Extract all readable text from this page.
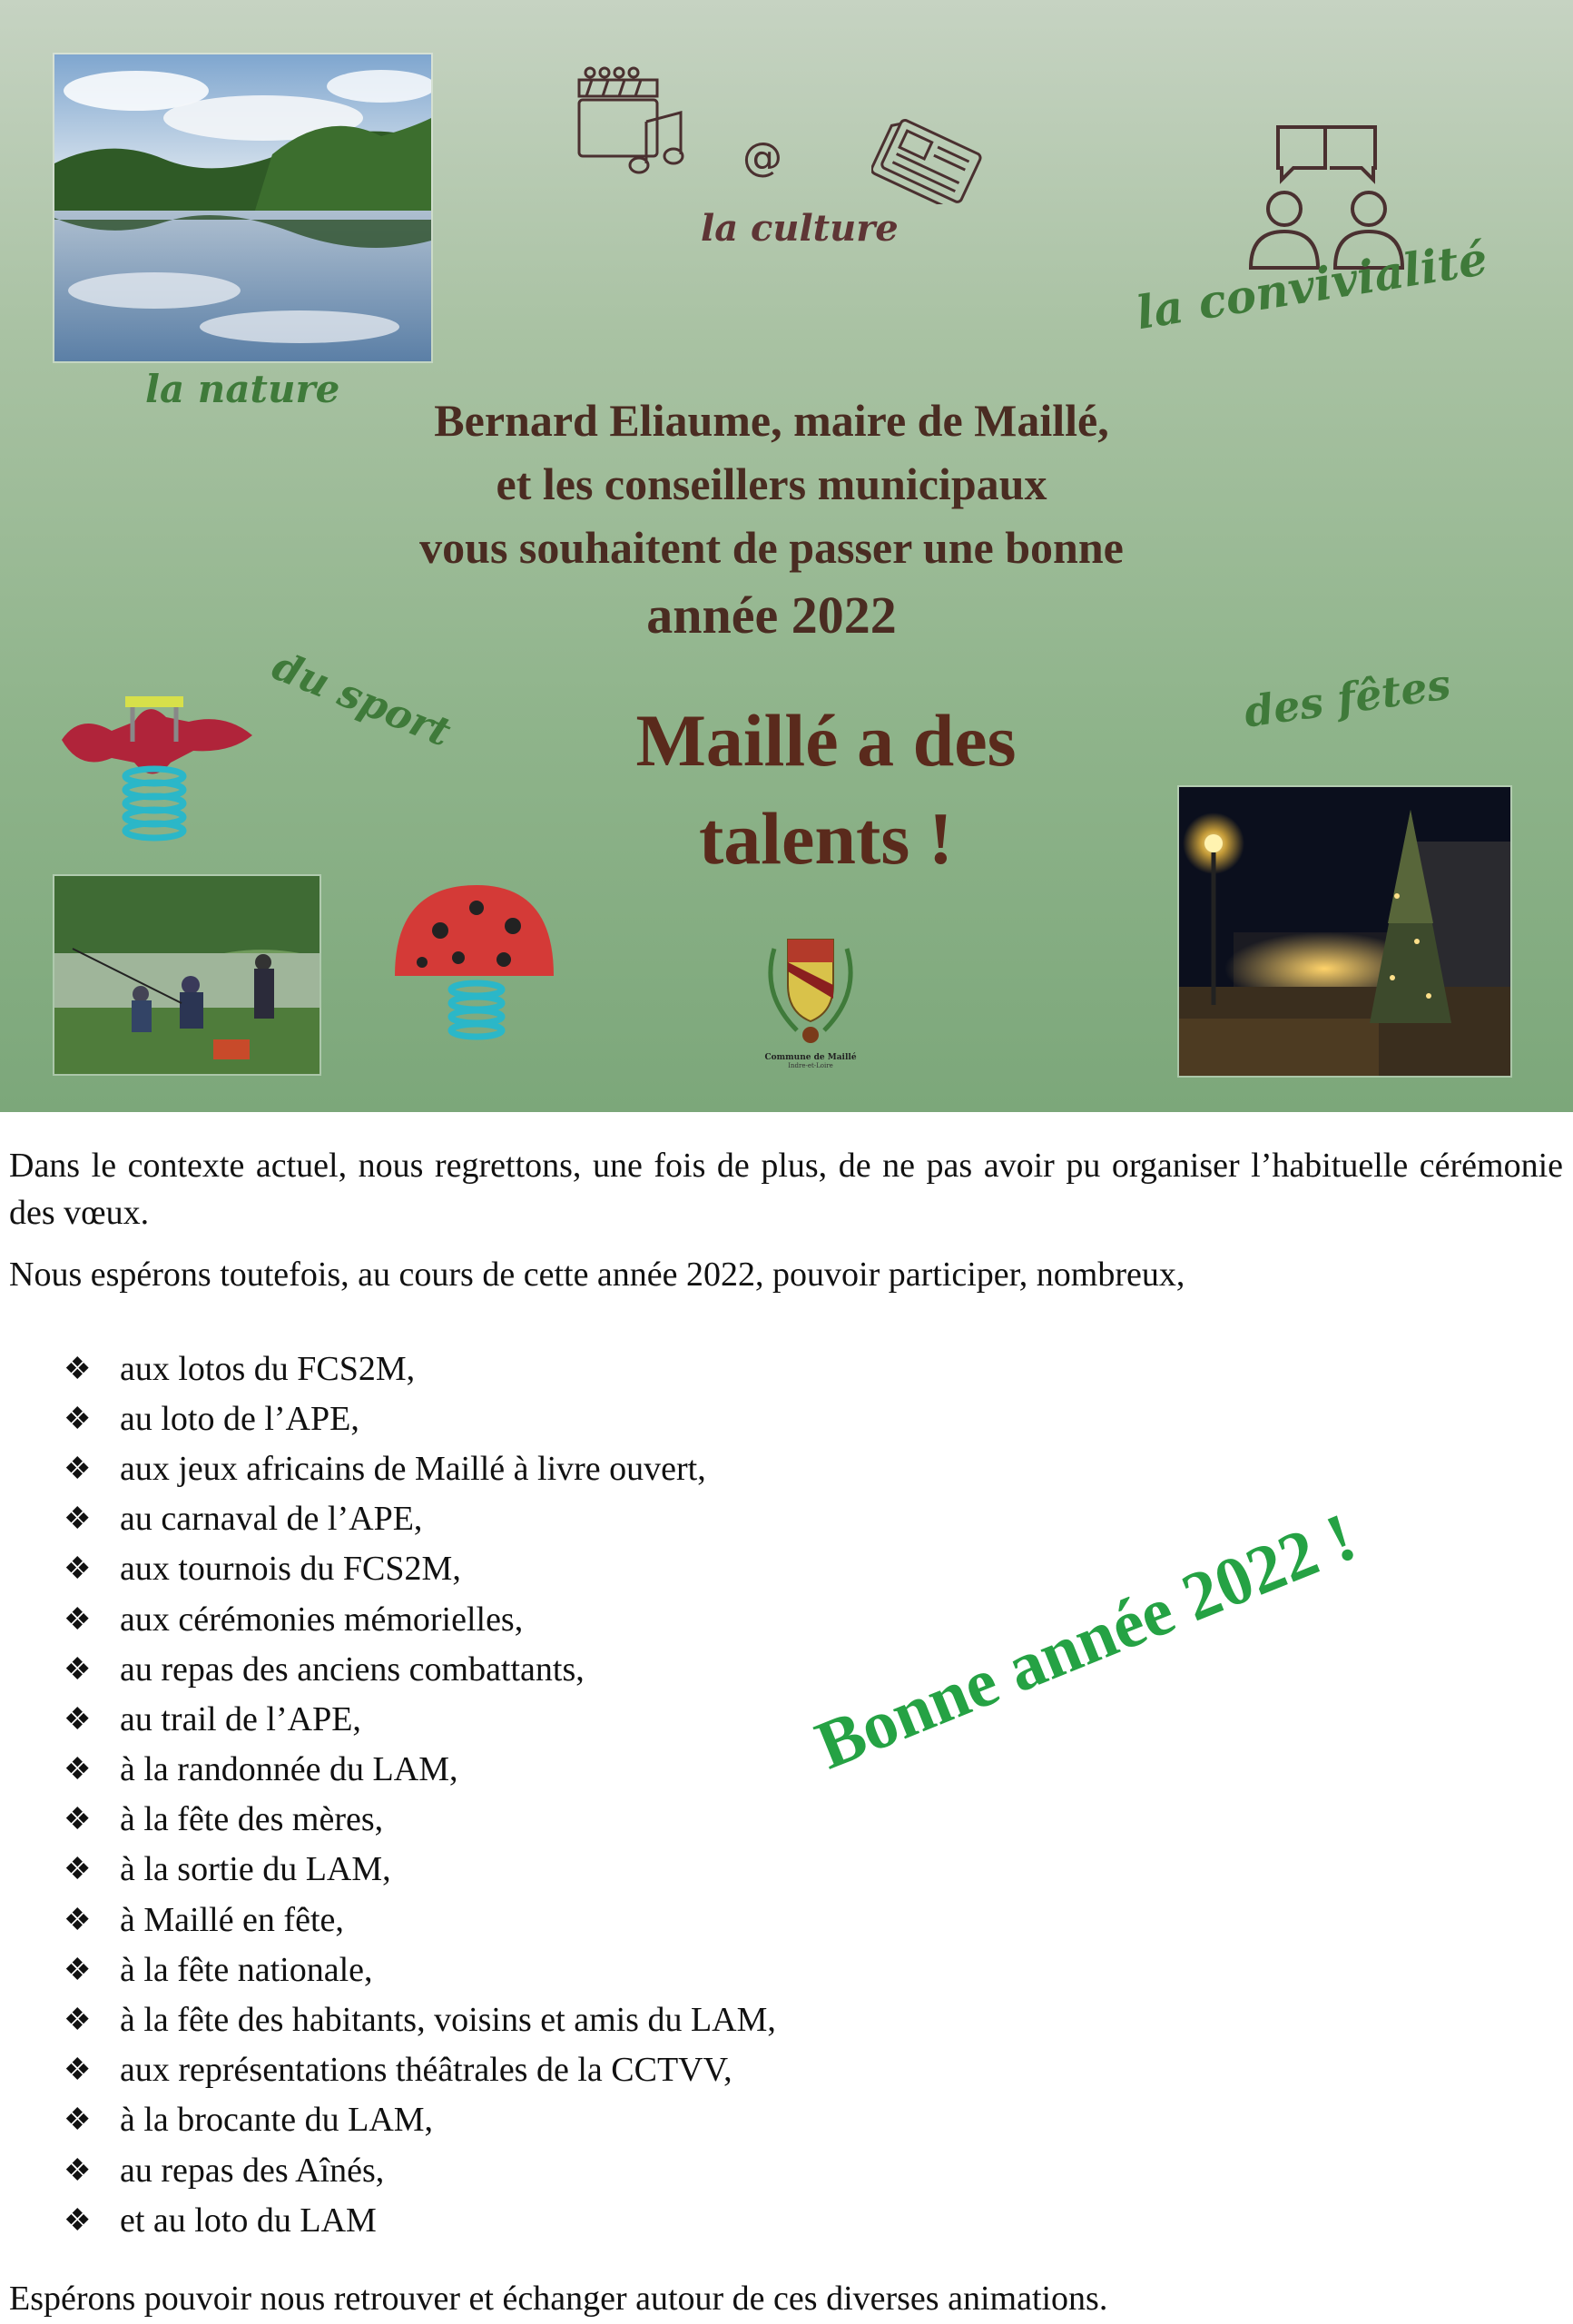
@
la culture
la convivialité
la nature
du sport	des fêtes
Bernard Eliaume, maire de Maillé,
et les conseillers municipaux
vous souhaitent de passer une bonne
année 2022
Maillé a des
talents !
Commune de Maillé
Indre-et-Loire

Dans le contexte actuel, nous regrettons, une fois de plus, de ne pas avoir pu organiser l’habituelle cérémonie des vœux.

Nous espérons toutefois, au cours de cette année 2022, pouvoir participer, nombreux,

❖ aux lotos du FCS2M,
❖ au loto de l’APE,
❖ aux jeux africains de Maillé à livre ouvert,
❖ au carnaval de l’APE,
❖ aux tournois du FCS2M,
❖ aux cérémonies mémorielles,
❖ au repas des anciens combattants,
❖ au trail de l’APE,
❖ à la randonnée du LAM,
❖ à la fête des mères,
❖ à la sortie du LAM,
❖ à Maillé en fête,
❖ à la fête nationale,
❖ à la fête des habitants, voisins et amis du LAM,
❖ aux représentations théâtrales de la CCTVV,
❖ à la brocante du LAM,
❖ au repas des Aînés,
❖ et au loto du LAM
Bonne année 2022 !

Espérons pouvoir nous retrouver et échanger autour de ces diverses animations.
